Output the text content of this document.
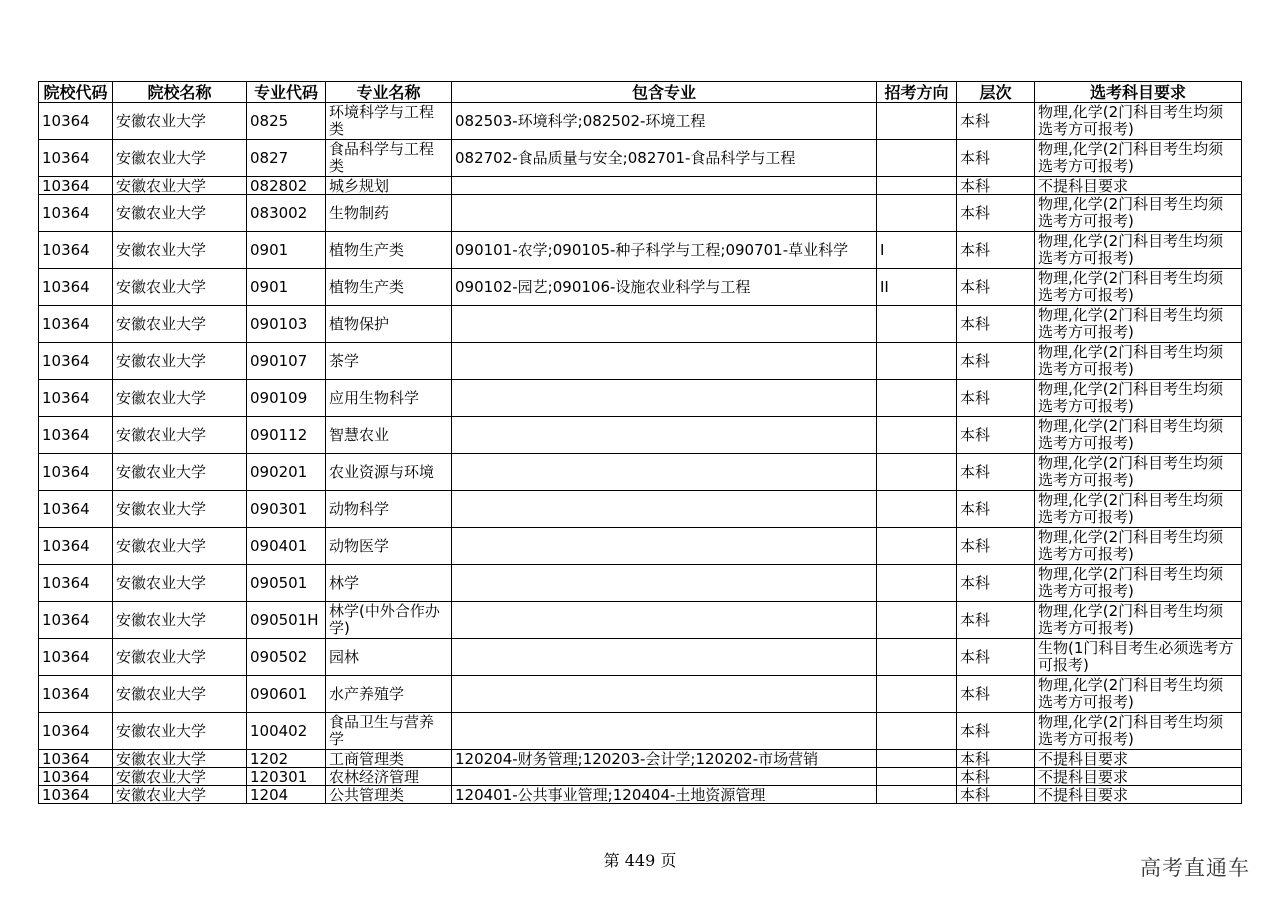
院校代码	院校名称	专业代码	专业名称	包含专业	招考方向	层次	选考科目要求
10364	安徽农业大学	0825	环境科学与工程类	082503-环境科学;082502-环境工程		本科	物理,化学(2门科目考生均须选考方可报考)
10364	安徽农业大学	0827	食品科学与工程类	082702-食品质量与安全;082701-食品科学与工程		本科	物理,化学(2门科目考生均须选考方可报考)
10364	安徽农业大学	082802	城乡规划			本科	不提科目要求
10364	安徽农业大学	083002	生物制药			本科	物理,化学(2门科目考生均须选考方可报考)
10364	安徽农业大学	0901	植物生产类	090101-农学;090105-种子科学与工程;090701-草业科学	I	本科	物理,化学(2门科目考生均须选考方可报考)
10364	安徽农业大学	0901	植物生产类	090102-园艺;090106-设施农业科学与工程	II	本科	物理,化学(2门科目考生均须选考方可报考)
10364	安徽农业大学	090103	植物保护			本科	物理,化学(2门科目考生均须选考方可报考)
10364	安徽农业大学	090107	茶学			本科	物理,化学(2门科目考生均须选考方可报考)
10364	安徽农业大学	090109	应用生物科学			本科	物理,化学(2门科目考生均须选考方可报考)
10364	安徽农业大学	090112	智慧农业			本科	物理,化学(2门科目考生均须选考方可报考)
10364	安徽农业大学	090201	农业资源与环境			本科	物理,化学(2门科目考生均须选考方可报考)
10364	安徽农业大学	090301	动物科学			本科	物理,化学(2门科目考生均须选考方可报考)
10364	安徽农业大学	090401	动物医学			本科	物理,化学(2门科目考生均须选考方可报考)
10364	安徽农业大学	090501	林学			本科	物理,化学(2门科目考生均须选考方可报考)
10364	安徽农业大学	090501H	林学(中外合作办学)			本科	物理,化学(2门科目考生均须选考方可报考)
10364	安徽农业大学	090502	园林			本科	生物(1门科目考生必须选考方可报考)
10364	安徽农业大学	090601	水产养殖学			本科	物理,化学(2门科目考生均须选考方可报考)
10364	安徽农业大学	100402	食品卫生与营养学			本科	物理,化学(2门科目考生均须选考方可报考)
10364	安徽农业大学	1202	工商管理类	120204-财务管理;120203-会计学;120202-市场营销		本科	不提科目要求
10364	安徽农业大学	120301	农林经济管理			本科	不提科目要求
10364	安徽农业大学	1204	公共管理类	120401-公共事业管理;120404-土地资源管理		本科	不提科目要求
第 449 页	高考直通车
